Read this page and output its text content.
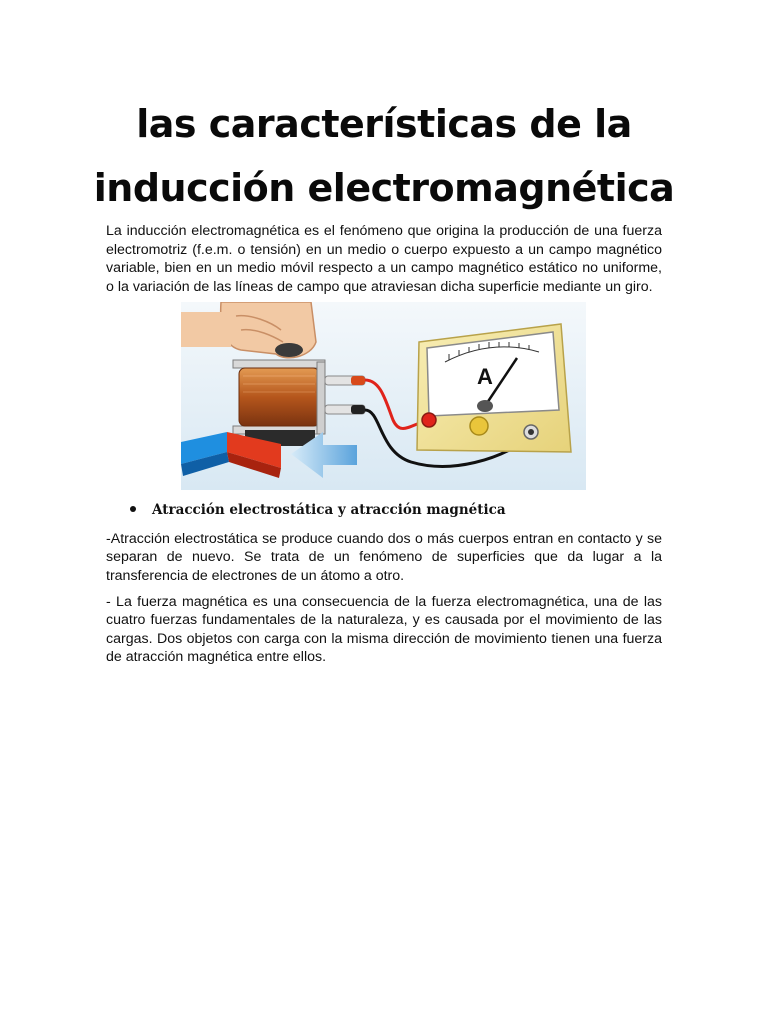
las características de la
inducción electromagnética

La inducción electromagnética es el fenómeno que origina la producción de una fuerza electromotriz (f.e.m. o tensión) en un medio o cuerpo expuesto a un campo magnético variable, bien en un medio móvil respecto a un campo magnético estático no uniforme, o la variación de las líneas de campo que atraviesan dicha superficie mediante un giro.

A

Atracción electrostática y atracción magnética

-Atracción electrostática se produce cuando dos o más cuerpos entran en contacto y se separan de nuevo. Se trata de un fenómeno de superficies que da lugar a la transferencia de electrones de un átomo a otro.

- La fuerza magnética es una consecuencia de la fuerza electromagnética, una de las cuatro fuerzas fundamentales de la naturaleza, y es causada por el movimiento de las cargas. Dos objetos con carga con la misma dirección de movimiento tienen una fuerza de atracción magnética entre ellos.
